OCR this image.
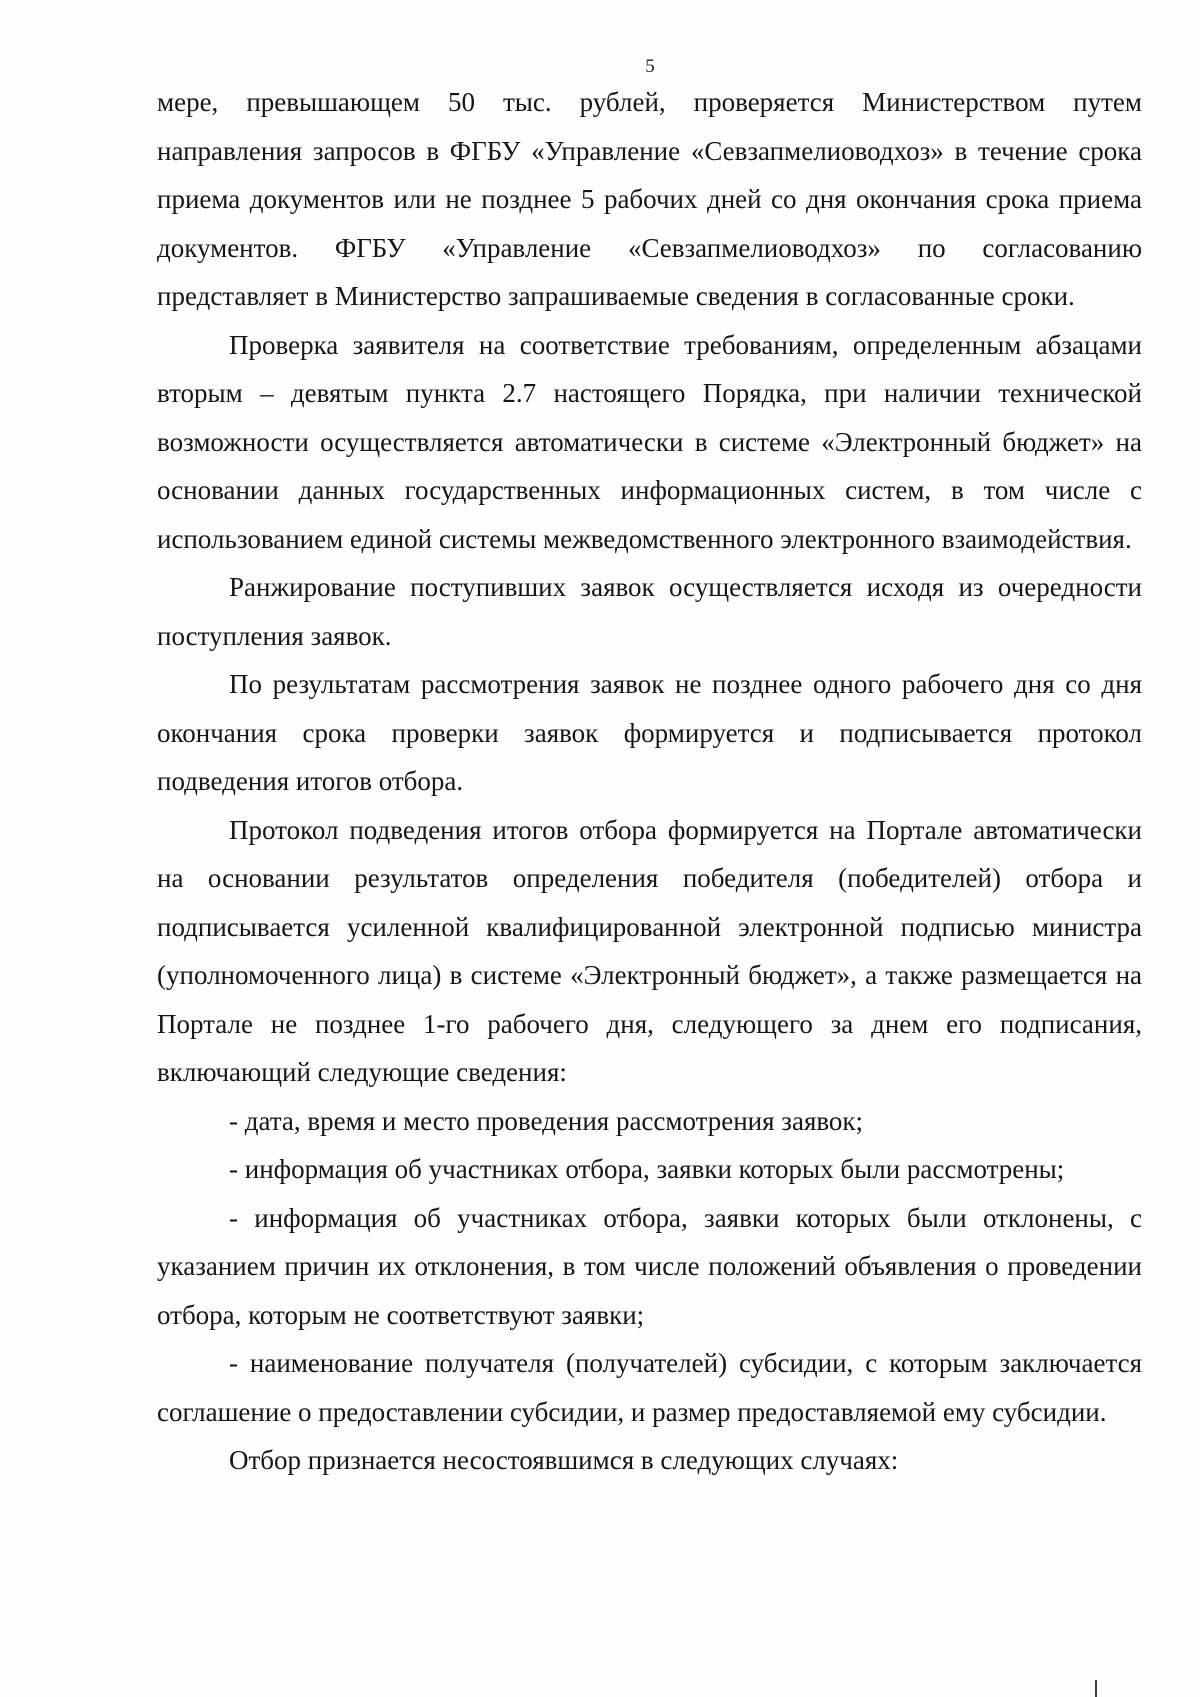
5

мере, превышающем 50 тыс. рублей, проверяется Министерством путем направления запросов в ФГБУ «Управление «Севзапмелиоводхоз» в течение срока приема документов или не позднее 5 рабочих дней со дня окончания срока приема документов. ФГБУ «Управление «Севзапмелиоводхоз» по согласованию представляет в Министерство запрашиваемые сведения в согласованные сроки.

Проверка заявителя на соответствие требованиям, определенным абзацами вторым – девятым пункта 2.7 настоящего Порядка, при наличии технической возможности осуществляется автоматически в системе «Электронный бюджет» на основании данных государственных информационных систем, в том числе с использованием единой системы межведомственного электронного взаимодействия.

Ранжирование поступивших заявок осуществляется исходя из очередности поступления заявок.

По результатам рассмотрения заявок не позднее одного рабочего дня со дня окончания срока проверки заявок формируется и подписывается протокол подведения итогов отбора.

Протокол подведения итогов отбора формируется на Портале автоматически на основании результатов определения победителя (победителей) отбора и подписывается усиленной квалифицированной электронной подписью министра (уполномоченного лица) в системе «Электронный бюджет», а также размещается на Портале не позднее 1-го рабочего дня, следующего за днем его подписания, включающий следующие сведения:

- дата, время и место проведения рассмотрения заявок;

- информация об участниках отбора, заявки которых были рассмотрены;

- информация об участниках отбора, заявки которых были отклонены, с указанием причин их отклонения, в том числе положений объявления о проведении отбора, которым не соответствуют заявки;

- наименование получателя (получателей) субсидии, с которым заключается соглашение о предоставлении субсидии, и размер предоставляемой ему субсидии.

Отбор признается несостоявшимся в следующих случаях:
